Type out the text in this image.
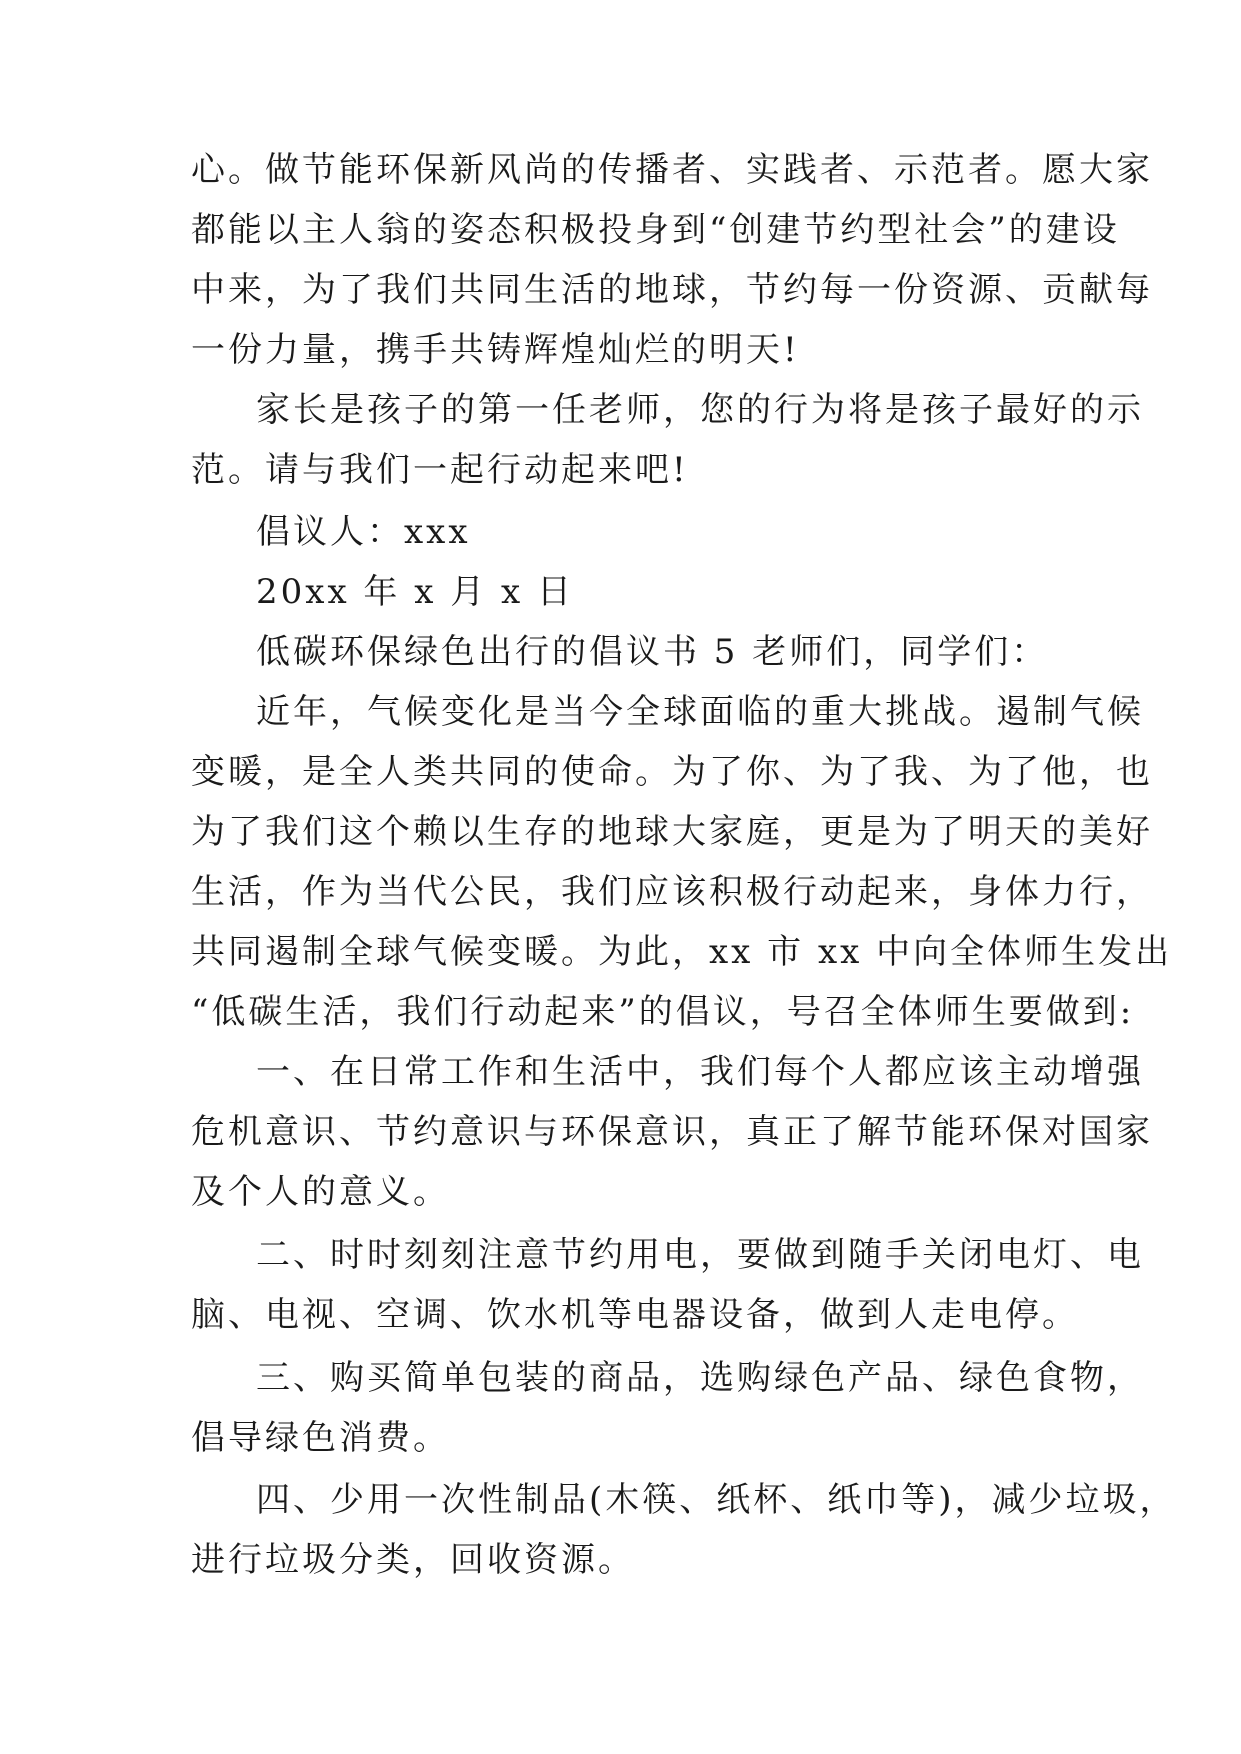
心。做节能环保新风尚的传播者、实践者、示范者。愿大家
都能以主人翁的姿态积极投身到“创建节约型社会”的建设
中来，为了我们共同生活的地球，节约每一份资源、贡献每
一份力量，携手共铸辉煌灿烂的明天!
家长是孩子的第一任老师，您的行为将是孩子最好的示
范。请与我们一起行动起来吧!
倡议人：xxx
20xx 年 x 月 x 日
低碳环保绿色出行的倡议书 5 老师们，同学们：
近年，气候变化是当今全球面临的重大挑战。遏制气候
变暖，是全人类共同的使命。为了你、为了我、为了他，也
为了我们这个赖以生存的地球大家庭，更是为了明天的美好
生活，作为当代公民，我们应该积极行动起来，身体力行，
共同遏制全球气候变暖。为此，xx 市 xx 中向全体师生发出
“低碳生活，我们行动起来”的倡议，号召全体师生要做到:
一、在日常工作和生活中，我们每个人都应该主动增强
危机意识、节约意识与环保意识，真正了解节能环保对国家
及个人的意义。
二、时时刻刻注意节约用电，要做到随手关闭电灯、电
脑、电视、空调、饮水机等电器设备，做到人走电停。
三、购买简单包装的商品，选购绿色产品、绿色食物，
倡导绿色消费。
四、少用一次性制品(木筷、纸杯、纸巾等)，减少垃圾，
进行垃圾分类，回收资源。
